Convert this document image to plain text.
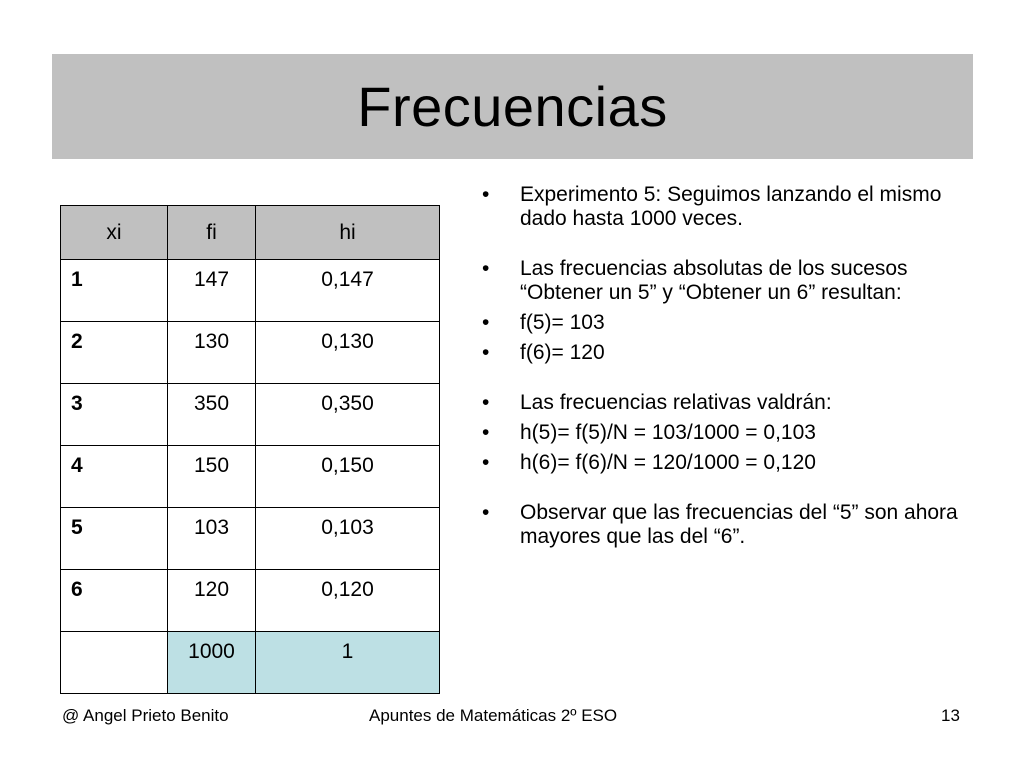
Frecuencias
xi	fi	hi
1	147	0,147
2	130	0,130
3	350	0,350
4	150	0,150
5	103	0,103
6	120	0,120
	1000	1
• Experimento 5: Seguimos lanzando el mismo dado hasta 1000 veces.
• Las frecuencias absolutas de los sucesos “Obtener un 5” y “Obtener un 6” resultan:
• f(5)= 103
• f(6)= 120
• Las frecuencias relativas valdrán:
• h(5)= f(5)/N = 103/1000 = 0,103
• h(6)= f(6)/N = 120/1000 = 0,120
• Observar que las frecuencias del “5” son ahora mayores que las del “6”.
@ Angel Prieto Benito	Apuntes de Matemáticas 2º ESO	13
